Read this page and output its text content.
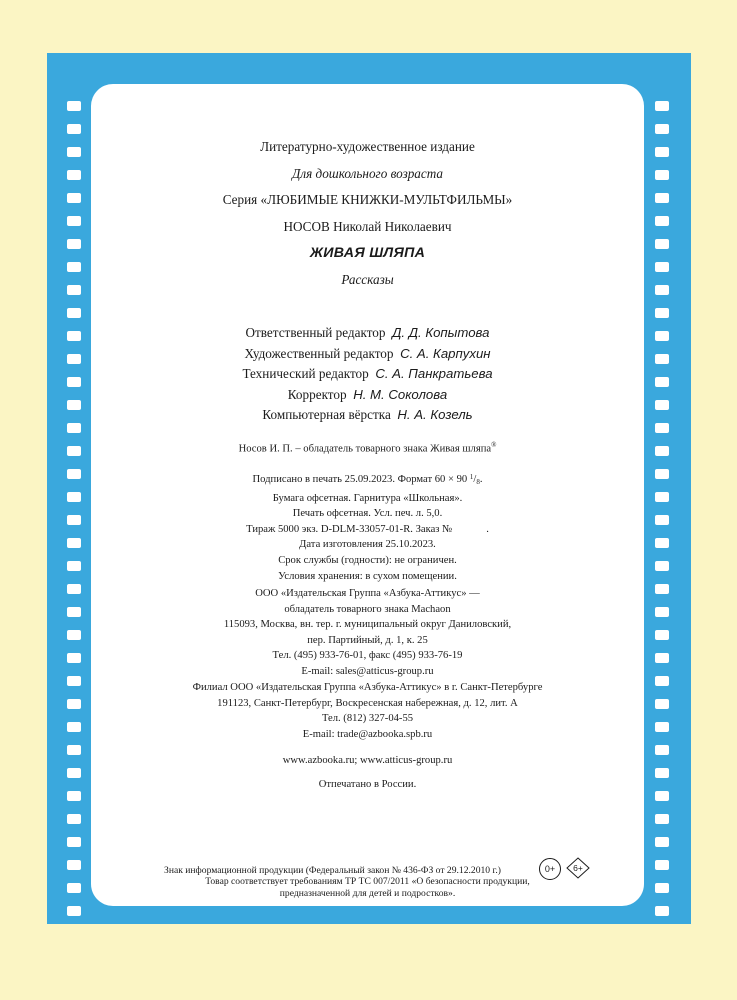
Литературно-художественное издание
Для дошкольного возраста
Серия «ЛЮБИМЫЕ КНИЖКИ-МУЛЬТФИЛЬМЫ»
НОСОВ Николай Николаевич
ЖИВАЯ ШЛЯПА
Рассказы
Ответственный редактор Д. Д. Копытова
Художественный редактор С. А. Карпухин
Технический редактор С. А. Панкратьева
Корректор Н. М. Соколова
Компьютерная вёрстка Н. А. Козель
Носов И. П. – обладатель товарного знака Живая шляпа®
Подписано в печать 25.09.2023. Формат 60 × 90 $^1$/8.
Бумага офсетная. Гарнитура «Школьная».
Печать офсетная. Усл. печ. л. 5,0.
Тираж 5000 экз. D-DLM-33057-01-R. Заказ №	.
Дата изготовления 25.10.2023.
Срок службы (годности): не ограничен.
Условия хранения: в сухом помещении.
ООО «Издательская Группа «Азбука-Аттикус» —
обладатель товарного знака Machaon
115093, Москва, вн. тер. г. муниципальный округ Даниловский,
пер. Партийный, д. 1, к. 25
Тел. (495) 933-76-01, факс (495) 933-76-19
E-mail: sales@atticus-group.ru
Филиал ООО «Издательская Группа «Азбука-Аттикус» в г. Санкт-Петербурге
191123, Санкт-Петербург, Воскресенская набережная, д. 12, лит. А
Тел. (812) 327-04-55
E-mail: trade@azbooka.spb.ru
www.azbooka.ru; www.atticus-group.ru
Отпечатано в России.
Знак информационной продукции (Федеральный закон № 436-ФЗ от 29.12.2010 г.)
Товар соответствует требованиям ТР ТС 007/2011 «О безопасности продукции,
предназначенной для детей и подростков».
0+	6+
